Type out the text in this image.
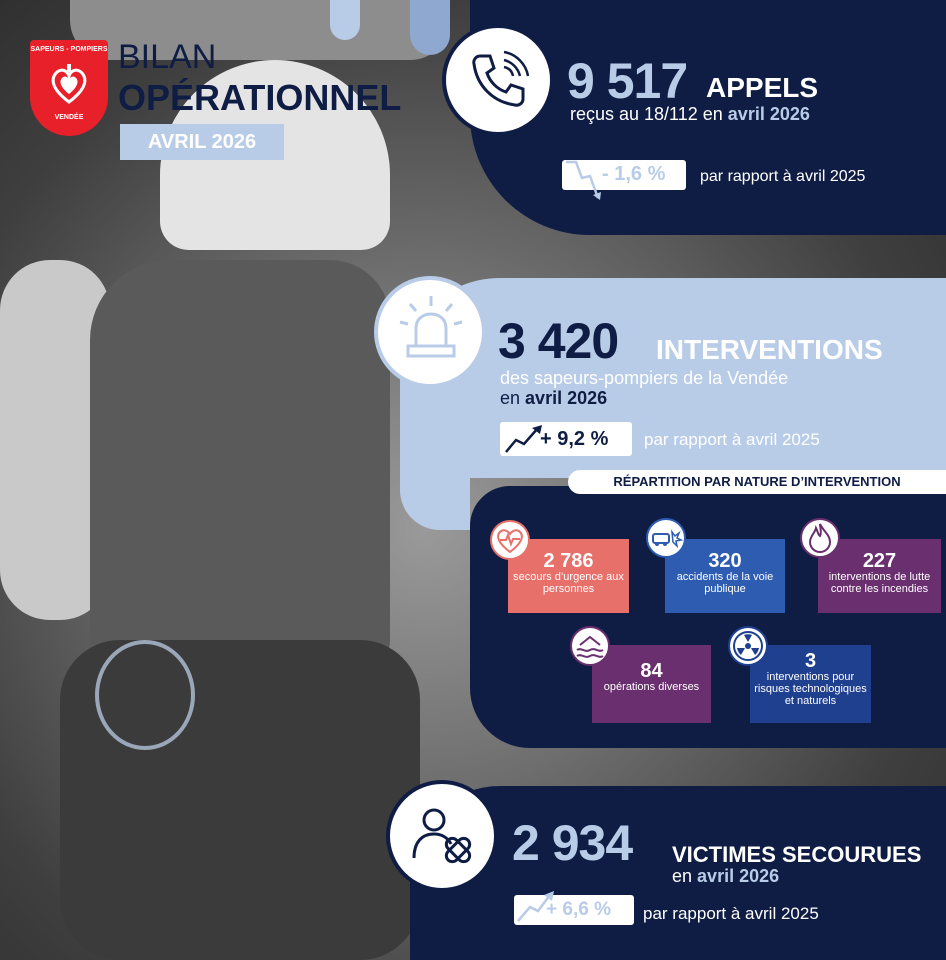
SAPEURS - POMPIERS
VENDÉE
BILAN
OPÉRATIONNEL
AVRIL 2026
9 517 APPELS
reçus au 18/112 en avril 2026
- 1,6 % par rapport à avril 2025
3 420 INTERVENTIONS
des sapeurs-pompiers de la Vendée
en avril 2026
+ 9,2 % par rapport à avril 2025
RÉPARTITION PAR NATURE D’INTERVENTION
2 786
secours d’urgence aux personnes
320
accidents de la voie publique
227
interventions de lutte contre les incendies
84
opérations diverses
3
interventions pour risques technologiques et naturels
2 934 VICTIMES SECOURUES
en avril 2026
+ 6,6 % par rapport à avril 2025
